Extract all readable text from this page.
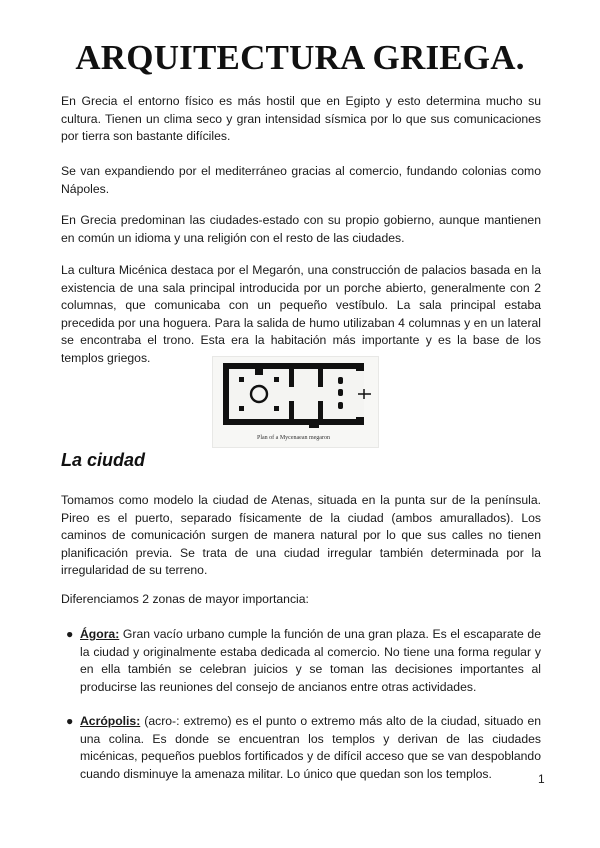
ARQUITECTURA GRIEGA.

En Grecia el entorno físico es más hostil que en Egipto y esto determina mucho su cultura. Tienen un clima seco y gran intensidad sísmica por lo que sus comunicaciones por tierra son bastante difíciles.

Se van expandiendo por el mediterráneo gracias al comercio, fundando colonias como Nápoles.

En Grecia predominan las ciudades-estado con su propio gobierno, aunque mantienen en común un idioma y una religión con el resto de las ciudades.

La cultura Micénica destaca por el Megarón, una construcción de palacios basada en la existencia de una sala principal introducida por un porche abierto, generalmente con 2 columnas, que comunicaba con un pequeño vestíbulo. La sala principal estaba precedida por una hoguera. Para la salida de humo utilizaban 4 columnas y en un lateral se encontraba el trono. Esta era la habitación más importante y es la base de los templos griegos.

Plan of a Mycenaean megaron
La ciudad

Tomamos como modelo la ciudad de Atenas, situada en la punta sur de la península. Pireo es el puerto, separado físicamente de la ciudad (ambos amurallados). Los caminos de comunicación surgen de manera natural por lo que sus calles no tienen planificación previa. Se trata de una ciudad irregular también determinada por la irregularidad de su terreno.

Diferenciamos 2 zonas de mayor importancia:

● Ágora: Gran vacío urbano cumple la función de una gran plaza. Es el escaparate de la ciudad y originalmente estaba dedicada al comercio. No tiene una forma regular y en ella también se celebran juicios y se toman las decisiones importantes al producirse las reuniones del consejo de ancianos entre otras actividades.
● Acrópolis: (acro-: extremo) es el punto o extremo más alto de la ciudad, situado en una colina. Es donde se encuentran los templos y derivan de las ciudades micénicas, pequeños pueblos fortificados y de difícil acceso que se van despoblando cuando disminuye la amenaza militar. Lo único que quedan son los templos.	1
